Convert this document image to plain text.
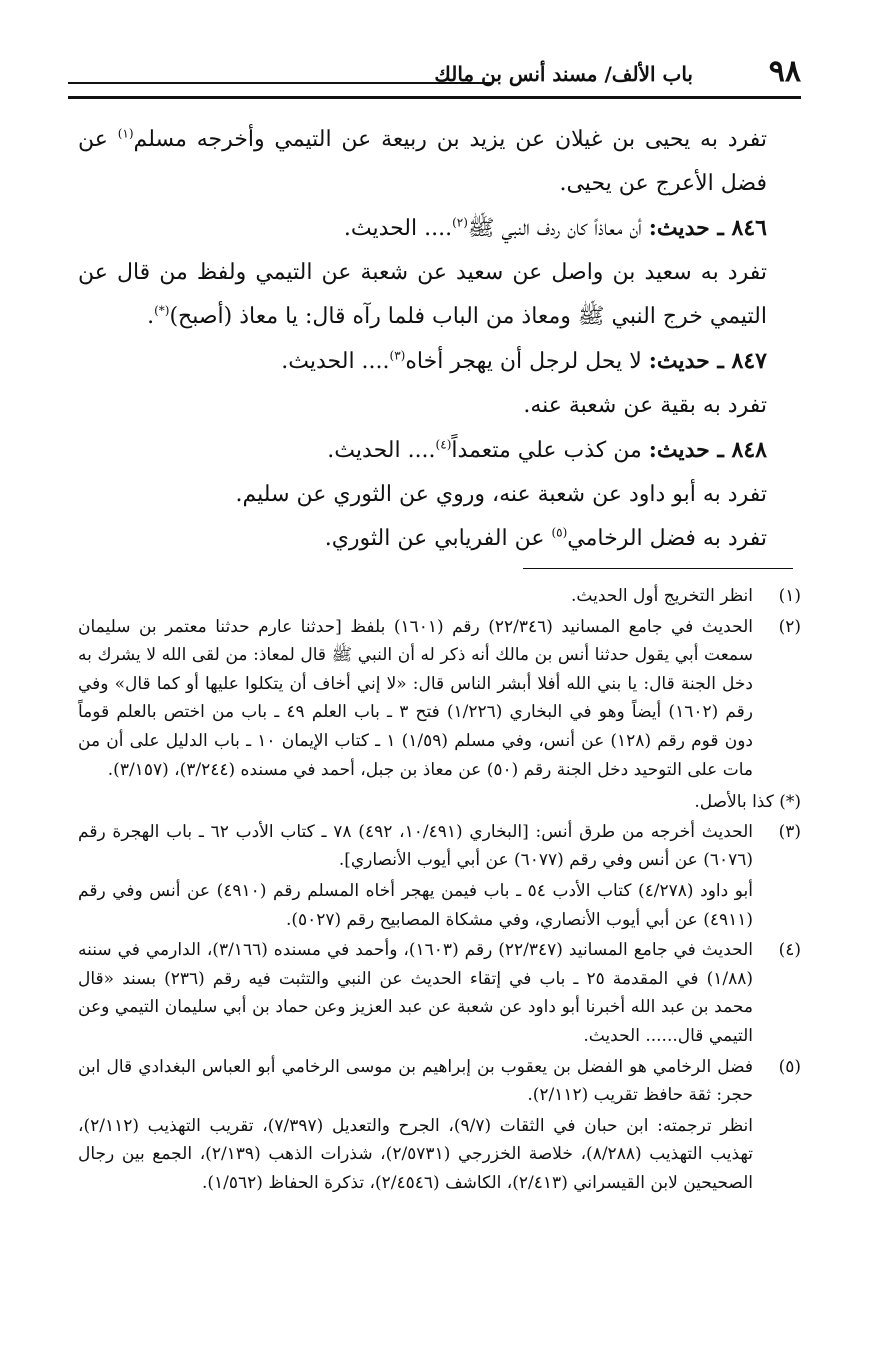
٩٨
باب الألف/ مسند أنس بن مالك

تفرد به يحيى بن غيلان عن يزيد بن ربيعة عن التيمي وأخرجه مسلم$^{(١)}$ عن فضل الأعرج عن يحيى.

٨٤٦ ـ حديث: أن معاذاً كان ردف النبي ﷺ$^{(٢)}$.... الحديث.

تفرد به سعيد بن واصل عن سعيد عن شعبة عن التيمي ولفظ من قال عن التيمي خرج النبي ﷺ ومعاذ من الباب فلما رآه قال: يا معاذ (أصبح)(*).

٨٤٧ ـ حديث: لا يحل لرجل أن يهجر أخاه$^{(٣)}$.... الحديث.

تفرد به بقية عن شعبة عنه.

٨٤٨ ـ حديث: من كذب علي متعمداً$^{(٤)}$.... الحديث.

تفرد به أبو داود عن شعبة عنه، وروي عن الثوري عن سليم.

تفرد به فضل الرخامي$^{(٥)}$ عن الفريابي عن الثوري.

(١)

انظر التخريج أول الحديث.

(٢)

الحديث في جامع المسانيد (٢٢/٣٤٦) رقم (١٦٠١) بلفظ [حدثنا عارم حدثنا معتمر بن سليمان سمعت أبي يقول حدثنا أنس بن مالك أنه ذكر له أن النبي ﷺ قال لمعاذ: من لقى الله لا يشرك به دخل الجنة قال: يا بني الله أفلا أبشر الناس قال: «لا إني أخاف أن يتكلوا عليها أو كما قال» وفي رقم (١٦٠٢) أيضاً وهو في البخاري (١/٢٢٦) فتح ٣ ـ باب العلم ٤٩ ـ باب من اختص بالعلم قوماً دون قوم رقم (١٢٨) عن أنس، وفي مسلم (١/٥٩) ١ ـ كتاب الإيمان ١٠ ـ باب الدليل على أن من مات على التوحيد دخل الجنة رقم (٥٠) عن معاذ بن جبل، أحمد في مسنده (٣/٢٤٤)، (٣/١٥٧).

(*) كذا بالأصل.

(٣)

الحديث أخرجه من طرق أنس: [البخاري (١٠/٤٩١، ٤٩٢) ٧٨ ـ كتاب الأدب ٦٢ ـ باب الهجرة رقم (٦٠٧٦) عن أنس وفي رقم (٦٠٧٧) عن أبي أيوب الأنصاري].

أبو داود (٤/٢٧٨) كتاب الأدب ٥٤ ـ باب فيمن يهجر أخاه المسلم رقم (٤٩١٠) عن أنس وفي رقم (٤٩١١) عن أبي أيوب الأنصاري، وفي مشكاة المصابيح رقم (٥٠٢٧).

(٤)

الحديث في جامع المسانيد (٢٢/٣٤٧) رقم (١٦٠٣)، وأحمد في مسنده (٣/١٦٦)، الدارمي في سننه (١/٨٨) في المقدمة ٢٥ ـ باب في إتقاء الحديث عن النبي والتثبت فيه رقم (٢٣٦) بسند «قال محمد بن عبد الله أخبرنا أبو داود عن شعبة عن عبد العزيز وعن حماد بن أبي سليمان التيمي وعن التيمي قال...... الحديث.

(٥)

فضل الرخامي هو الفضل بن يعقوب بن إبراهيم بن موسى الرخامي أبو العباس البغدادي قال ابن حجر: ثقة حافظ تقريب (٢/١١٢).

انظر ترجمته: ابن حبان في الثقات (٩/٧)، الجرح والتعديل (٧/٣٩٧)، تقريب التهذيب (٢/١١٢)، تهذيب التهذيب (٨/٢٨٨)، خلاصة الخزرجي (٢/٥٧٣١)، شذرات الذهب (٢/١٣٩)، الجمع بين رجال الصحيحين لابن القيسراني (٢/٤١٣)، الكاشف (٢/٤٥٤٦)، تذكرة الحفاظ (١/٥٦٢).
